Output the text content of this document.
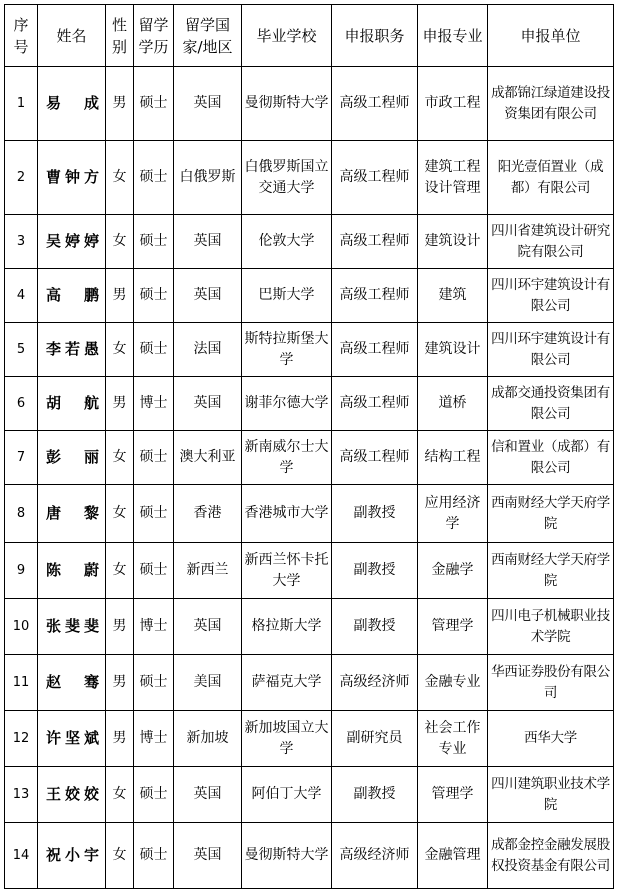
序号	姓名	性别	留学学历	留学国家/地区	毕业学校	申报职务	申报专业	申报单位
1	易成	男	硕士	英国	曼彻斯特大学	高级工程师	市政工程	成都锦江绿道建设投资集团有限公司
2	曹钟方	女	硕士	白俄罗斯	白俄罗斯国立交通大学	高级工程师	建筑工程设计管理	阳光壹佰置业（成都）有限公司
3	吴婷婷	女	硕士	英国	伦敦大学	高级工程师	建筑设计	四川省建筑设计研究院有限公司
4	高鹏	男	硕士	英国	巴斯大学	高级工程师	建筑	四川环宇建筑设计有限公司
5	李若愚	女	硕士	法国	斯特拉斯堡大学	高级工程师	建筑设计	四川环宇建筑设计有限公司
6	胡航	男	博士	英国	谢菲尔德大学	高级工程师	道桥	成都交通投资集团有限公司
7	彭丽	女	硕士	澳大利亚	新南威尔士大学	高级工程师	结构工程	信和置业（成都）有限公司
8	唐黎	女	硕士	香港	香港城市大学	副教授	应用经济学	西南财经大学天府学院
9	陈蔚	女	硕士	新西兰	新西兰怀卡托大学	副教授	金融学	西南财经大学天府学院
10	张斐斐	男	博士	英国	格拉斯大学	副教授	管理学	四川电子机械职业技术学院
11	赵骞	男	硕士	美国	萨福克大学	高级经济师	金融专业	华西证券股份有限公司
12	许坚斌	男	博士	新加坡	新加坡国立大学	副研究员	社会工作专业	西华大学
13	王姣姣	女	硕士	英国	阿伯丁大学	副教授	管理学	四川建筑职业技术学院
14	祝小宇	女	硕士	英国	曼彻斯特大学	高级经济师	金融管理	成都金控金融发展股权投资基金有限公司
